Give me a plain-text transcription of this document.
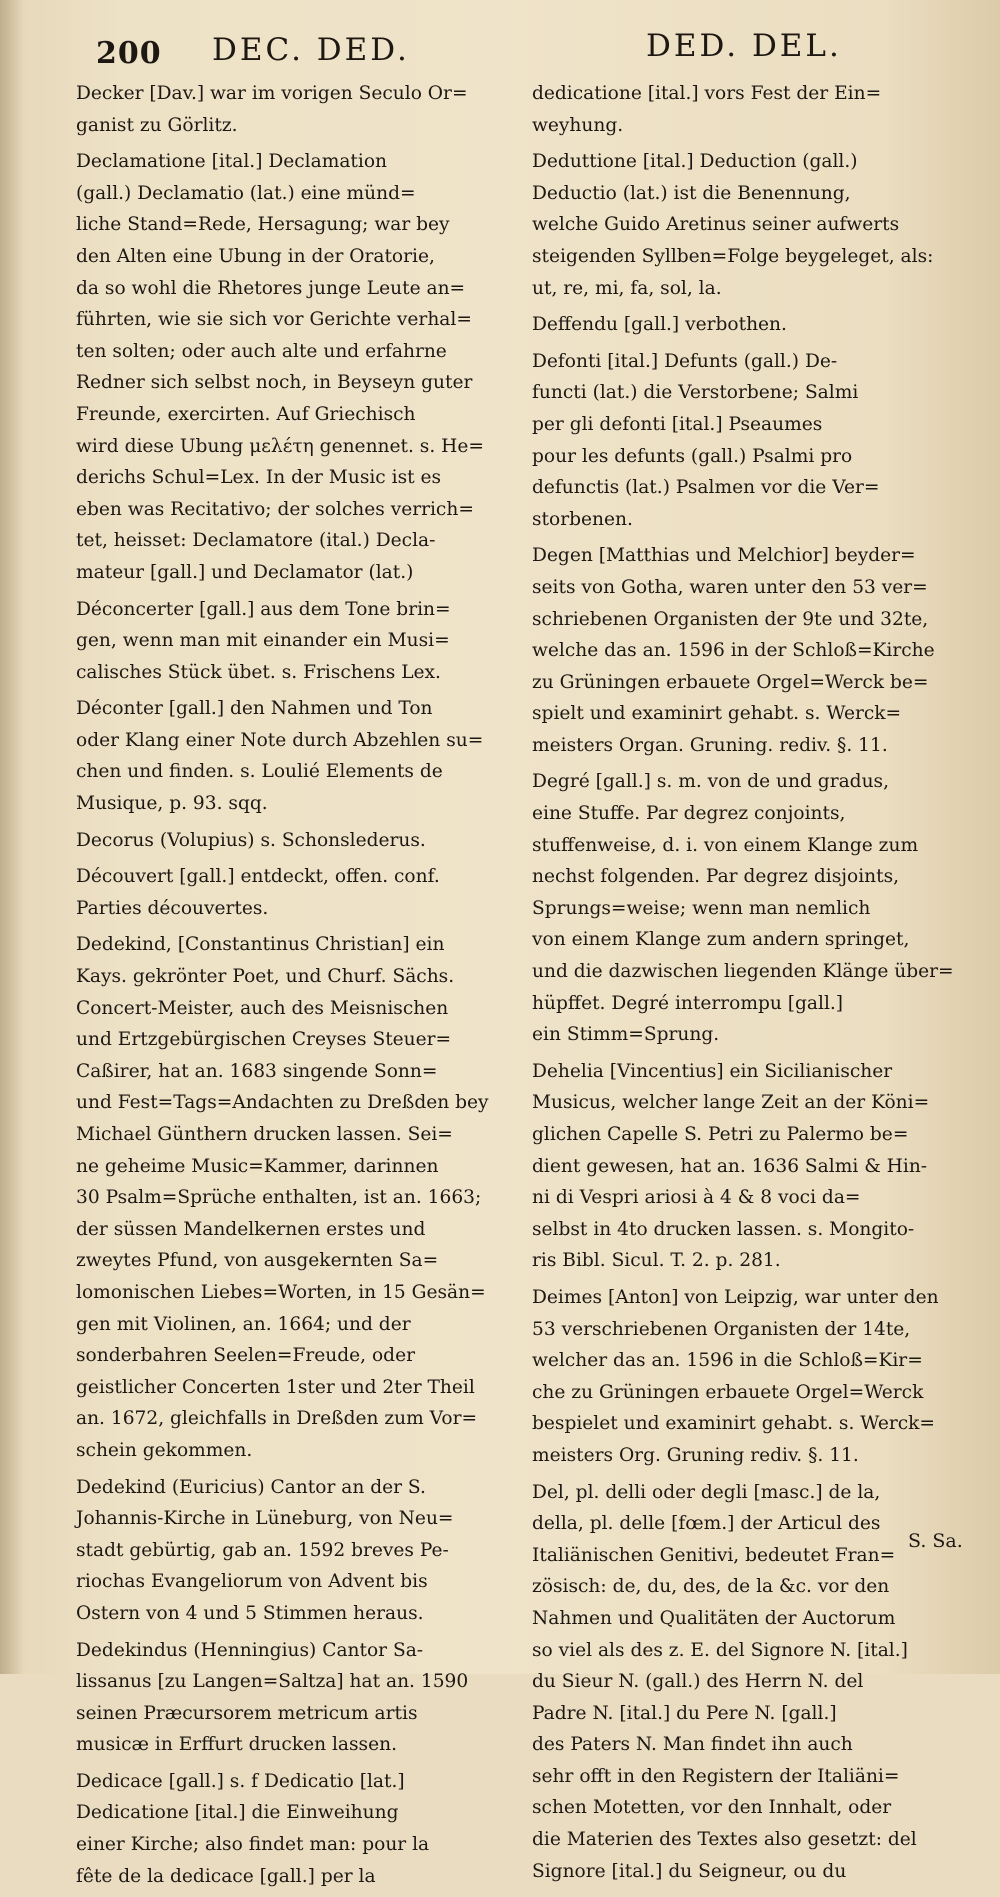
200 DEC. DED.	DED. DEL.
Decker [Dav.] war im vorigen Seculo Or=
ganist zu Görlitz.
Declamatione [ital.] Declamation
(gall.) Declamatio (lat.) eine münd=
liche Stand=Rede, Hersagung; war bey
den Alten eine Ubung in der Oratorie,
da so wohl die Rhetores junge Leute an=
führten, wie sie sich vor Gerichte verhal=
ten solten; oder auch alte und erfahrne
Redner sich selbst noch, in Beyseyn guter
Freunde, exercirten. Auf Griechisch
wird diese Ubung μελέτη genennet. s. He=
derichs Schul=Lex. In der Music ist es
eben was Recitativo; der solches verrich=
tet, heisset: Declamatore (ital.) Decla-
mateur [gall.] und Declamator (lat.)
Déconcerter [gall.] aus dem Tone brin=
gen, wenn man mit einander ein Musi=
calisches Stück übet. s. Frischens Lex.
Déconter [gall.] den Nahmen und Ton
oder Klang einer Note durch Abzehlen su=
chen und finden. s. Loulié Elements de
Musique, p. 93. sqq.
Decorus (Volupius) s. Schonslederus.
Découvert [gall.] entdeckt, offen. conf.
Parties découvertes.
Dedekind, [Constantinus Christian] ein
Kays. gekrönter Poet, und Churf. Sächs.
Concert-Meister, auch des Meisnischen
und Ertzgebürgischen Creyses Steuer=
Caßirer, hat an. 1683 singende Sonn=
und Fest=Tags=Andachten zu Dreßden bey
Michael Günthern drucken lassen. Sei=
ne geheime Music=Kammer, darinnen
30 Psalm=Sprüche enthalten, ist an. 1663;
der süssen Mandelkernen erstes und
zweytes Pfund, von ausgekernten Sa=
lomonischen Liebes=Worten, in 15 Gesän=
gen mit Violinen, an. 1664; und der
sonderbahren Seelen=Freude, oder
geistlicher Concerten 1ster und 2ter Theil
an. 1672, gleichfalls in Dreßden zum Vor=
schein gekommen.
Dedekind (Euricius) Cantor an der S.
Johannis-Kirche in Lüneburg, von Neu=
stadt gebürtig, gab an. 1592 breves Pe-
riochas Evangeliorum von Advent bis
Ostern von 4 und 5 Stimmen heraus.
Dedekindus (Henningius) Cantor Sa-
lissanus [zu Langen=Saltza] hat an. 1590
seinen Præcursorem metricum artis
musicæ in Erffurt drucken lassen.
Dedicace [gall.] s. f Dedicatio [lat.]
Dedicatione [ital.] die Einweihung
einer Kirche; also findet man: pour la
fête de la dedicace [gall.] per la
dedicatione [ital.] vors Fest der Ein=
weyhung.
Deduttione [ital.] Deduction (gall.)
Deductio (lat.) ist die Benennung,
welche Guido Aretinus seiner aufwerts
steigenden Syllben=Folge beygeleget, als:
ut, re, mi, fa, sol, la.
Deffendu [gall.] verbothen.
Defonti [ital.] Defunts (gall.) De-
functi (lat.) die Verstorbene; Salmi
per gli defonti [ital.] Pseaumes
pour les defunts (gall.) Psalmi pro
defunctis (lat.) Psalmen vor die Ver=
storbenen.
Degen [Matthias und Melchior] beyder=
seits von Gotha, waren unter den 53 ver=
schriebenen Organisten der 9te und 32te,
welche das an. 1596 in der Schloß=Kirche
zu Grüningen erbauete Orgel=Werck be=
spielt und examinirt gehabt. s. Werck=
meisters Organ. Gruning. rediv. §. 11.
Degré [gall.] s. m. von de und gradus,
eine Stuffe. Par degrez conjoints,
stuffenweise, d. i. von einem Klange zum
nechst folgenden. Par degrez disjoints,
Sprungs=weise; wenn man nemlich
von einem Klange zum andern springet,
und die dazwischen liegenden Klänge über=
hüpffet. Degré interrompu [gall.]
ein Stimm=Sprung.
Dehelia [Vincentius] ein Sicilianischer
Musicus, welcher lange Zeit an der Köni=
glichen Capelle S. Petri zu Palermo be=
dient gewesen, hat an. 1636 Salmi & Hin-
ni di Vespri ariosi à 4 & 8 voci da=
selbst in 4to drucken lassen. s. Mongito-
ris Bibl. Sicul. T. 2. p. 281.
Deimes [Anton] von Leipzig, war unter den
53 verschriebenen Organisten der 14te,
welcher das an. 1596 in die Schloß=Kir=
che zu Grüningen erbauete Orgel=Werck
bespielet und examinirt gehabt. s. Werck=
meisters Org. Gruning rediv. §. 11.
Del, pl. delli oder degli [masc.] de la,
della, pl. delle [fœm.] der Articul des
Italiänischen Genitivi, bedeutet Fran=
zösisch: de, du, des, de la &c. vor den
Nahmen und Qualitäten der Auctorum
so viel als des z. E. del Signore N. [ital.]
du Sieur N. (gall.) des Herrn N. del
Padre N. [ital.] du Pere N. [gall.]
des Paters N. Man findet ihn auch
sehr offt in den Registern der Italiäni=
schen Motetten, vor den Innhalt, oder
die Materien des Textes also gesetzt: del
Signore [ital.] du Seigneur, ou du
S. Sa.
